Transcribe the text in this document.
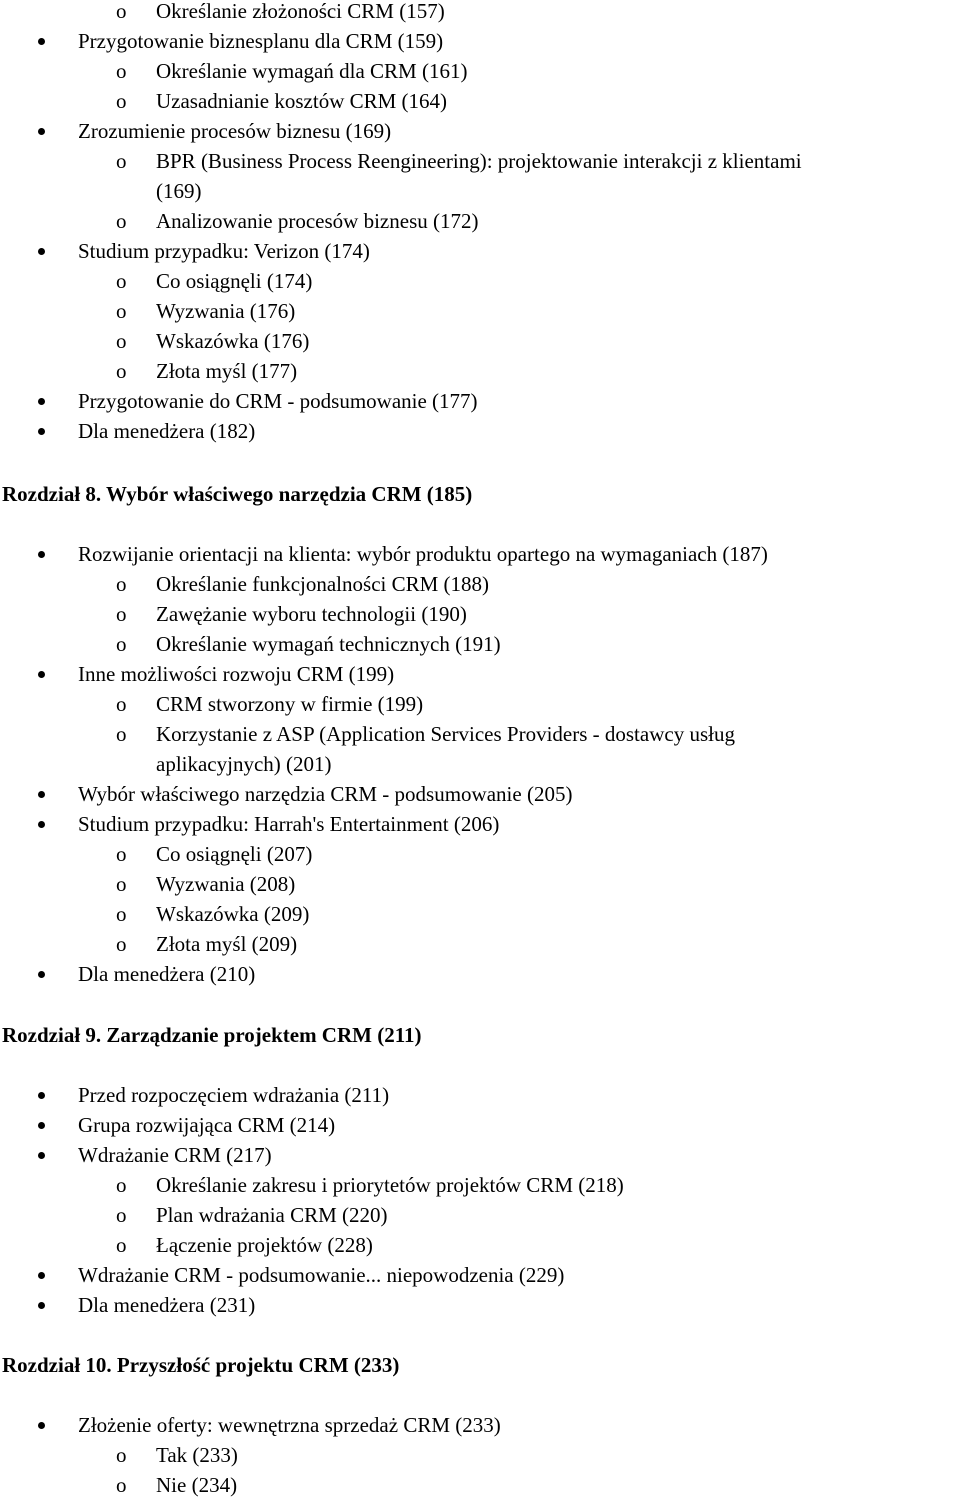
o Określanie złożoności CRM (157)
Przygotowanie biznesplanu dla CRM (159)
o Określanie wymagań dla CRM (161)
o Uzasadnianie kosztów CRM (164)
Zrozumienie procesów biznesu (169)
o BPR (Business Process Reengineering): projektowanie interakcji z klientami
(169)
o Analizowanie procesów biznesu (172)
Studium przypadku: Verizon (174)
o Co osiągnęli (174)
o Wyzwania (176)
o Wskazówka (176)
o Złota myśl (177)
Przygotowanie do CRM - podsumowanie (177)
Dla menedżera (182)
Rozdział 8. Wybór właściwego narzędzia CRM (185)
Rozwijanie orientacji na klienta: wybór produktu opartego na wymaganiach (187)
o Określanie funkcjonalności CRM (188)
o Zawężanie wyboru technologii (190)
o Określanie wymagań technicznych (191)
Inne możliwości rozwoju CRM (199)
o CRM stworzony w firmie (199)
o Korzystanie z ASP (Application Services Providers - dostawcy usług
aplikacyjnych) (201)
Wybór właściwego narzędzia CRM - podsumowanie (205)
Studium przypadku: Harrah's Entertainment (206)
o Co osiągnęli (207)
o Wyzwania (208)
o Wskazówka (209)
o Złota myśl (209)
Dla menedżera (210)
Rozdział 9. Zarządzanie projektem CRM (211)
Przed rozpoczęciem wdrażania (211)
Grupa rozwijająca CRM (214)
Wdrażanie CRM (217)
o Określanie zakresu i priorytetów projektów CRM (218)
o Plan wdrażania CRM (220)
o Łączenie projektów (228)
Wdrażanie CRM - podsumowanie... niepowodzenia (229)
Dla menedżera (231)
Rozdział 10. Przyszłość projektu CRM (233)
Złożenie oferty: wewnętrzna sprzedaż CRM (233)
o Tak (233)
o Nie (234)
